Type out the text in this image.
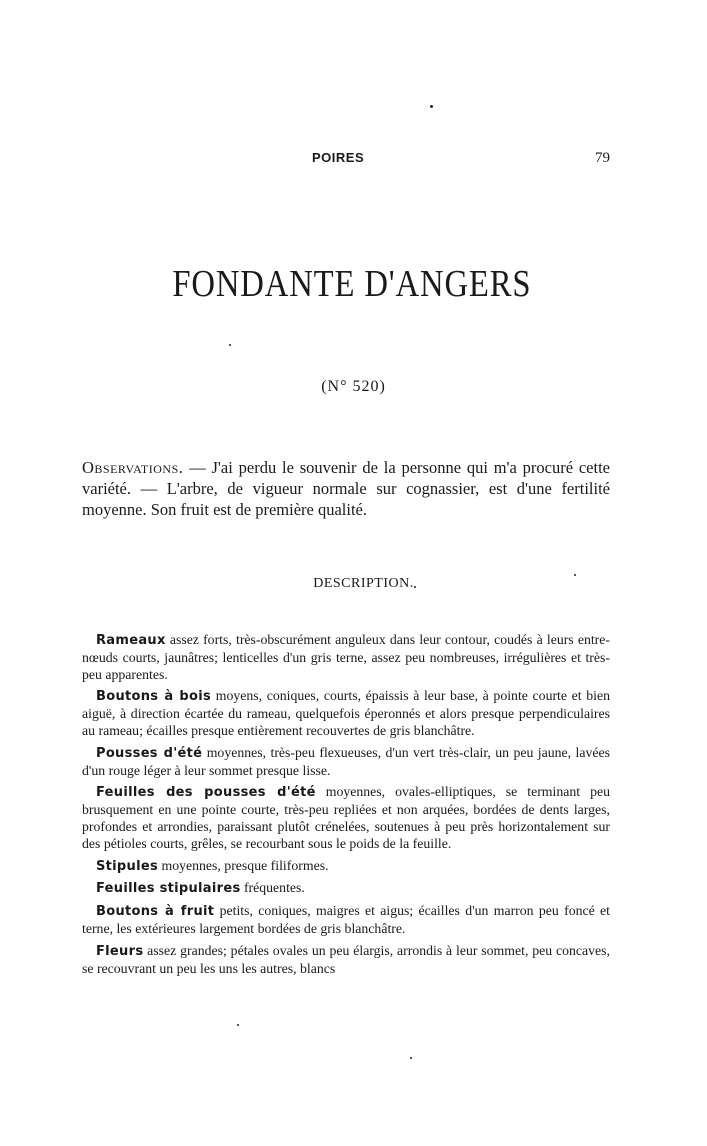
POIRES	79
FONDANTE D'ANGERS
(N° 520)

Observations. — J'ai perdu le souvenir de la personne qui m'a procuré cette variété. — L'arbre, de vigueur normale sur cognassier, est d'une fertilité moyenne. Son fruit est de première qualité.

DESCRIPTION.

Rameaux assez forts, très-obscurément anguleux dans leur contour, coudés à leurs entre-nœuds courts, jaunâtres; lenticelles d'un gris terne, assez peu nombreuses, irrégulières et très-peu apparentes.

Boutons à bois moyens, coniques, courts, épaissis à leur base, à pointe courte et bien aiguë, à direction écartée du rameau, quelquefois éperonnés et alors presque perpendiculaires au rameau; écailles presque entièrement recouvertes de gris blanchâtre.

Pousses d'été moyennes, très-peu flexueuses, d'un vert très-clair, un peu jaune, lavées d'un rouge léger à leur sommet presque lisse.

Feuilles des pousses d'été moyennes, ovales-elliptiques, se terminant peu brusquement en une pointe courte, très-peu repliées et non arquées, bordées de dents larges, profondes et arrondies, paraissant plutôt crénelées, soutenues à peu près horizontalement sur des pétioles courts, grêles, se recourbant sous le poids de la feuille.

Stipules moyennes, presque filiformes.

Feuilles stipulaires fréquentes.

Boutons à fruit petits, coniques, maigres et aigus; écailles d'un marron peu foncé et terne, les extérieures largement bordées de gris blanchâtre.

Fleurs assez grandes; pétales ovales un peu élargis, arrondis à leur sommet, peu concaves, se recouvrant un peu les uns les autres, blancs
